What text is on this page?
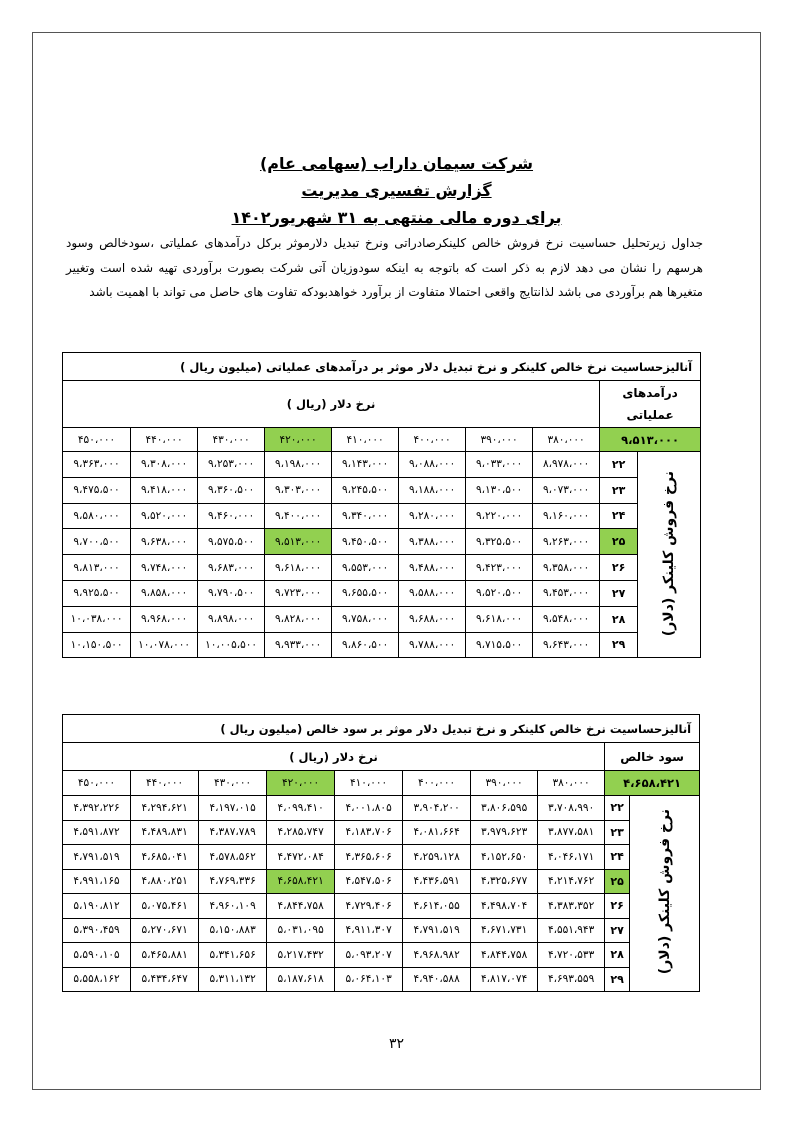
شرکت سیمان داراب (سهامی عام)
گزارش تفسیری مدیریت
برای دوره مالی منتهی به ۳۱ شهریور۱۴۰۲
جداول زیرتحلیل حساسیت نرخ فروش خالص کلینکرصادراتی ونرخ تبدیل دلارموثر برکل درآمدهای عملیاتی ،سودخالص وسود هرسهم را نشان می دهد لازم به ذکر است که باتوجه به اینکه سودوزیان آتی شرکت بصورت برآوردی تهیه شده است وتغییر متغیرها هم برآوردی می باشد لذانتایج واقعی احتمالا متفاوت از برآورد خواهدبودکه تفاوت های حاصل می تواند با اهمیت باشد
آنالیزحساسیت نرخ خالص کلینکر و نرخ تبدیل دلار موثر بر درآمدهای عملیاتی (میلیون ریال )									
درآمدهای عملیاتی		نرخ دلار (ریال )							
۹،۵۱۳،۰۰۰		۳۸۰،۰۰۰	۳۹۰،۰۰۰	۴۰۰،۰۰۰	۴۱۰،۰۰۰	۴۲۰،۰۰۰	۴۳۰،۰۰۰	۴۴۰،۰۰۰	۴۵۰،۰۰۰
نرخ فروش کلینکر (دلار)	۲۲	۸،۹۷۸،۰۰۰	۹،۰۳۳،۰۰۰	۹،۰۸۸،۰۰۰	۹،۱۴۳،۰۰۰	۹،۱۹۸،۰۰۰	۹،۲۵۳،۰۰۰	۹،۳۰۸،۰۰۰	۹،۳۶۳،۰۰۰
	۲۳	۹،۰۷۳،۰۰۰	۹،۱۳۰،۵۰۰	۹،۱۸۸،۰۰۰	۹،۲۴۵،۵۰۰	۹،۳۰۳،۰۰۰	۹،۳۶۰،۵۰۰	۹،۴۱۸،۰۰۰	۹،۴۷۵،۵۰۰
	۲۴	۹،۱۶۰،۰۰۰	۹،۲۲۰،۰۰۰	۹،۲۸۰،۰۰۰	۹،۳۴۰،۰۰۰	۹،۴۰۰،۰۰۰	۹،۴۶۰،۰۰۰	۹،۵۲۰،۰۰۰	۹،۵۸۰،۰۰۰
	۲۵	۹،۲۶۳،۰۰۰	۹،۳۲۵،۵۰۰	۹،۳۸۸،۰۰۰	۹،۴۵۰،۵۰۰	۹،۵۱۳،۰۰۰	۹،۵۷۵،۵۰۰	۹،۶۳۸،۰۰۰	۹،۷۰۰،۵۰۰
	۲۶	۹،۳۵۸،۰۰۰	۹،۴۲۳،۰۰۰	۹،۴۸۸،۰۰۰	۹،۵۵۳،۰۰۰	۹،۶۱۸،۰۰۰	۹،۶۸۳،۰۰۰	۹،۷۴۸،۰۰۰	۹،۸۱۳،۰۰۰
	۲۷	۹،۴۵۳،۰۰۰	۹،۵۲۰،۵۰۰	۹،۵۸۸،۰۰۰	۹،۶۵۵،۵۰۰	۹،۷۲۳،۰۰۰	۹،۷۹۰،۵۰۰	۹،۸۵۸،۰۰۰	۹،۹۲۵،۵۰۰
	۲۸	۹،۵۴۸،۰۰۰	۹،۶۱۸،۰۰۰	۹،۶۸۸،۰۰۰	۹،۷۵۸،۰۰۰	۹،۸۲۸،۰۰۰	۹،۸۹۸،۰۰۰	۹،۹۶۸،۰۰۰	۱۰،۰۳۸،۰۰۰
	۲۹	۹،۶۴۳،۰۰۰	۹،۷۱۵،۵۰۰	۹،۷۸۸،۰۰۰	۹،۸۶۰،۵۰۰	۹،۹۳۳،۰۰۰	۱۰،۰۰۵،۵۰۰	۱۰،۰۷۸،۰۰۰	۱۰،۱۵۰،۵۰۰
آنالیزحساسیت نرخ خالص کلینکر و نرخ تبدیل دلار موثر بر سود خالص (میلیون ریال )									
سود خالص		نرخ دلار (ریال )							
۴،۶۵۸،۴۲۱		۳۸۰،۰۰۰	۳۹۰،۰۰۰	۴۰۰،۰۰۰	۴۱۰،۰۰۰	۴۲۰،۰۰۰	۴۳۰،۰۰۰	۴۴۰،۰۰۰	۴۵۰،۰۰۰
نرخ فروش کلینکر (دلار)	۲۲	۳،۷۰۸،۹۹۰	۳،۸۰۶،۵۹۵	۳،۹۰۴،۲۰۰	۴،۰۰۱،۸۰۵	۴،۰۹۹،۴۱۰	۴،۱۹۷،۰۱۵	۴،۲۹۴،۶۲۱	۴،۳۹۲،۲۲۶
	۲۳	۳،۸۷۷،۵۸۱	۳،۹۷۹،۶۲۳	۴،۰۸۱،۶۶۴	۴،۱۸۳،۷۰۶	۴،۲۸۵،۷۴۷	۴،۳۸۷،۷۸۹	۴،۴۸۹،۸۳۱	۴،۵۹۱،۸۷۲
	۲۴	۴،۰۴۶،۱۷۱	۴،۱۵۲،۶۵۰	۴،۲۵۹،۱۲۸	۴،۳۶۵،۶۰۶	۴،۴۷۲،۰۸۴	۴،۵۷۸،۵۶۲	۴،۶۸۵،۰۴۱	۴،۷۹۱،۵۱۹
	۲۵	۴،۲۱۴،۷۶۲	۴،۳۲۵،۶۷۷	۴،۴۳۶،۵۹۱	۴،۵۴۷،۵۰۶	۴،۶۵۸،۴۲۱	۴،۷۶۹،۳۳۶	۴،۸۸۰،۲۵۱	۴،۹۹۱،۱۶۵
	۲۶	۴،۳۸۳،۳۵۲	۴،۴۹۸،۷۰۴	۴،۶۱۴،۰۵۵	۴،۷۲۹،۴۰۶	۴،۸۴۴،۷۵۸	۴،۹۶۰،۱۰۹	۵،۰۷۵،۴۶۱	۵،۱۹۰،۸۱۲
	۲۷	۴،۵۵۱،۹۴۳	۴،۶۷۱،۷۳۱	۴،۷۹۱،۵۱۹	۴،۹۱۱،۳۰۷	۵،۰۳۱،۰۹۵	۵،۱۵۰،۸۸۳	۵،۲۷۰،۶۷۱	۵،۳۹۰،۴۵۹
	۲۸	۴،۷۲۰،۵۳۳	۴،۸۴۴،۷۵۸	۴،۹۶۸،۹۸۲	۵،۰۹۳،۲۰۷	۵،۲۱۷،۴۳۲	۵،۳۴۱،۶۵۶	۵،۴۶۵،۸۸۱	۵،۵۹۰،۱۰۵
	۲۹	۴،۶۹۳،۵۵۹	۴،۸۱۷،۰۷۴	۴،۹۴۰،۵۸۸	۵،۰۶۴،۱۰۳	۵،۱۸۷،۶۱۸	۵،۳۱۱،۱۳۲	۵،۴۳۴،۶۴۷	۵،۵۵۸،۱۶۲
۳۲
